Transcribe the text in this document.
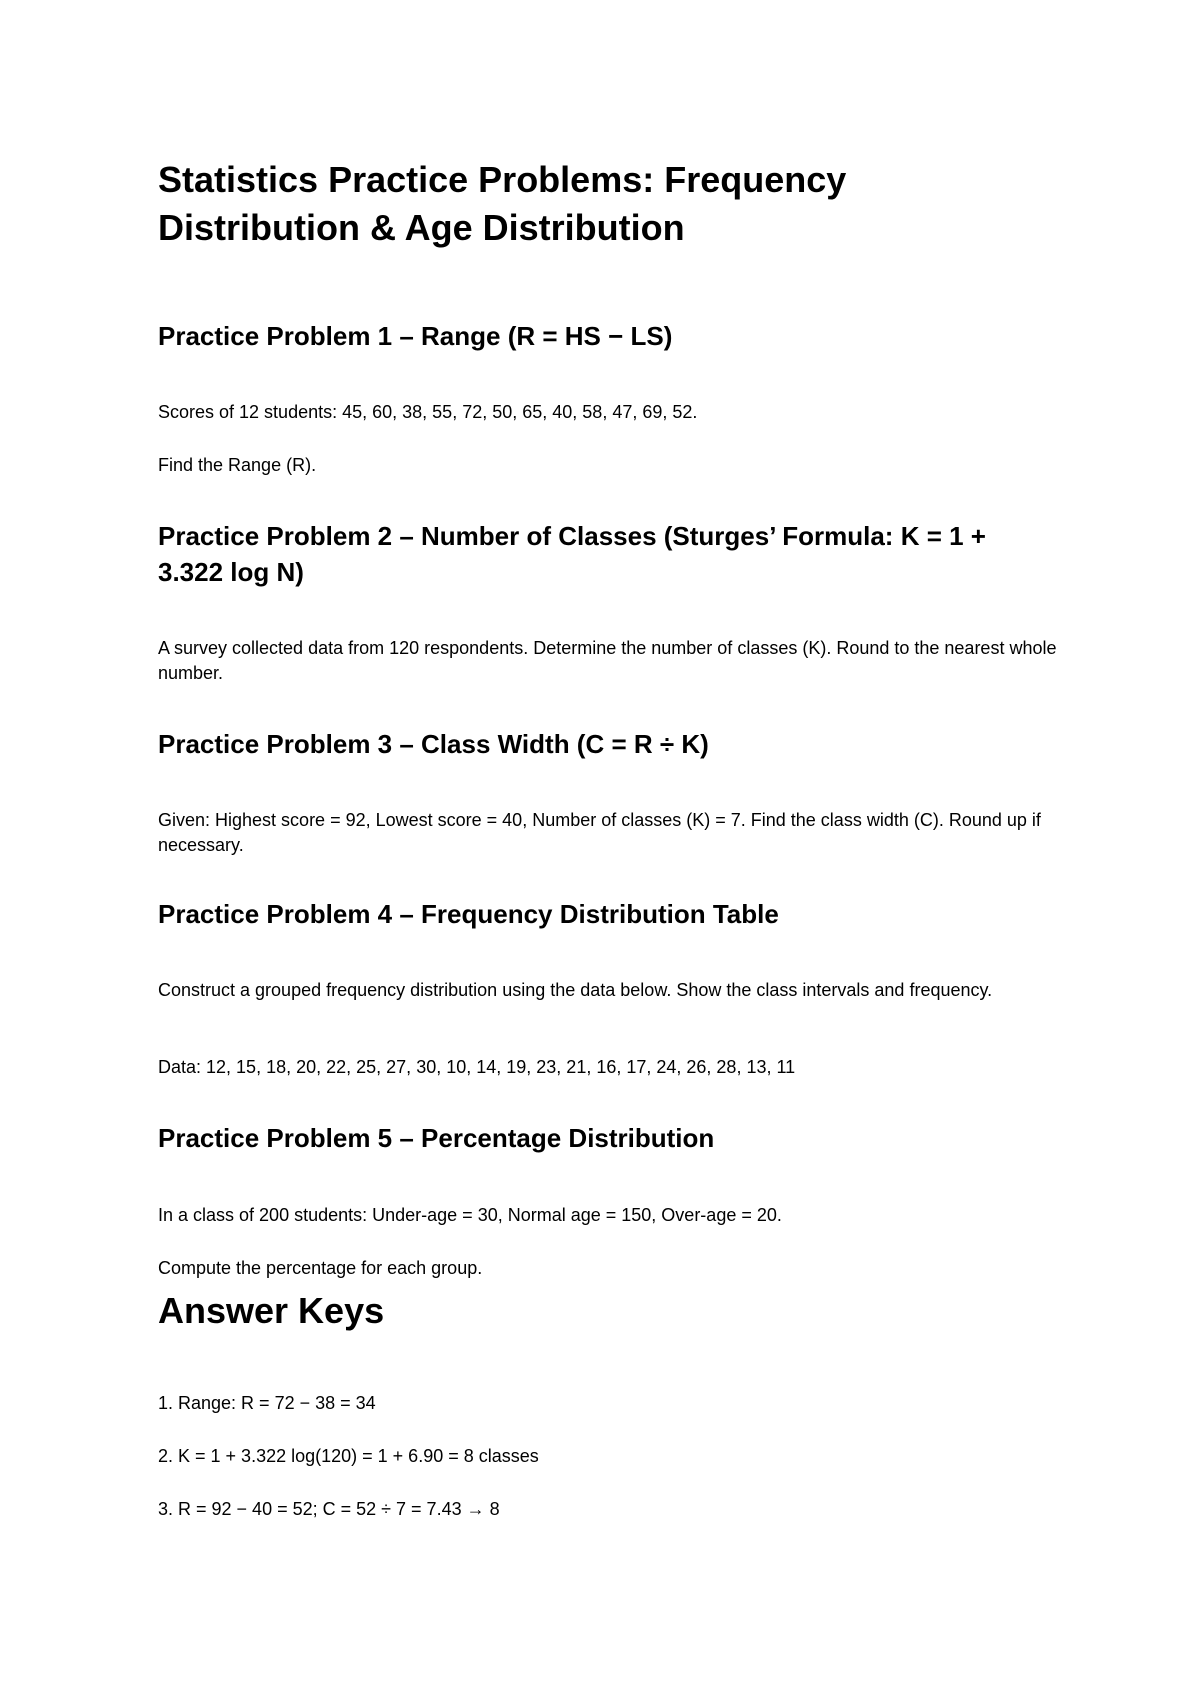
Statistics Practice Problems: Frequency Distribution & Age Distribution
Practice Problem 1 – Range (R = HS − LS)

Scores of 12 students: 45, 60, 38, 55, 72, 50, 65, 40, 58, 47, 69, 52.

Find the Range (R).

Practice Problem 2 – Number of Classes (Sturges’ Formula: K = 1 + 3.322 log N)

A survey collected data from 120 respondents. Determine the number of classes (K). Round to the nearest whole number.

Practice Problem 3 – Class Width (C = R ÷ K)

Given: Highest score = 92, Lowest score = 40, Number of classes (K) = 7. Find the class width (C). Round up if necessary.

Practice Problem 4 – Frequency Distribution Table

Construct a grouped frequency distribution using the data below. Show the class intervals and frequency.

Data: 12, 15, 18, 20, 22, 25, 27, 30, 10, 14, 19, 23, 21, 16, 17, 24, 26, 28, 13, 11

Practice Problem 5 – Percentage Distribution

In a class of 200 students: Under-age = 30, Normal age = 150, Over-age = 20.

Compute the percentage for each group.

Answer Keys

1. Range: R = 72 − 38 = 34

2. K = 1 + 3.322 log(120) = 1 + 6.90 = 8 classes

3. R = 92 − 40 = 52; C = 52 ÷ 7 = 7.43 → 8
